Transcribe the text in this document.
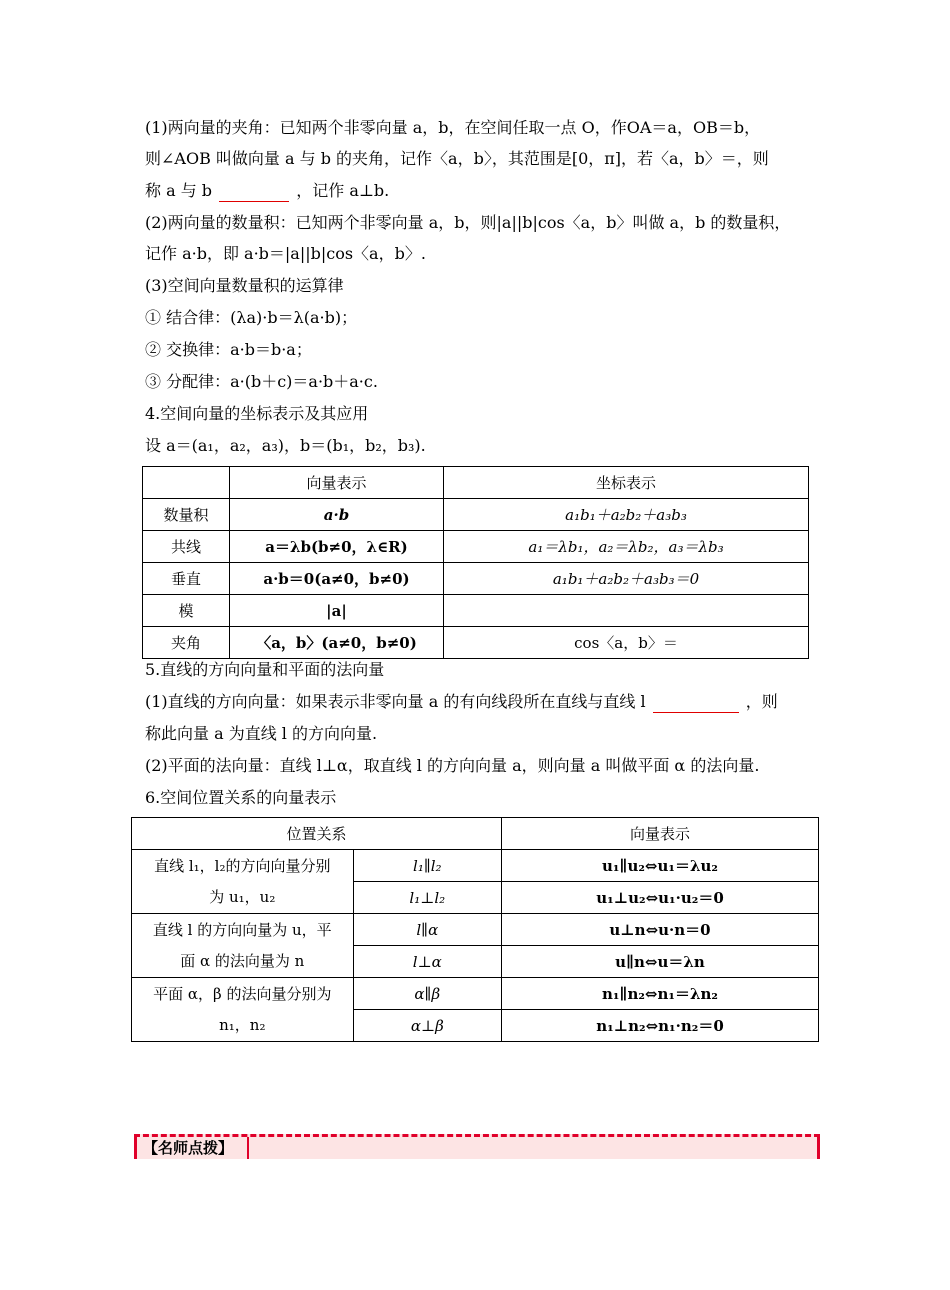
(1)两向量的夹角：已知两个非零向量 a，b，在空间任取一点 O，作OA＝a，OB＝b，
则∠AOB 叫做向量 a 与 b 的夹角，记作〈a，b〉，其范围是[0，π]，若〈a，b〉＝，则
称 a 与 b	，记作 a⊥b.
(2)两向量的数量积：已知两个非零向量 a，b，则|a||b|cos〈a，b〉叫做 a，b 的数量积，
记作 a·b，即 a·b＝|a||b|cos〈a，b〉.
(3)空间向量数量积的运算律
① 结合律：(λa)·b＝λ(a·b)；
② 交换律：a·b＝b·a；
③ 分配律：a·(b＋c)＝a·b＋a·c.
4.空间向量的坐标表示及其应用
设 a＝(a₁，a₂，a₃)，b＝(b₁，b₂，b₃).
	向量表示	坐标表示
数量积	a·b	a₁b₁＋a₂b₂＋a₃b₃
共线	a＝λb(b≠0，λ∈R)	a₁＝λb₁，a₂＝λb₂，a₃＝λb₃
垂直	a·b＝0(a≠0，b≠0)	a₁b₁＋a₂b₂＋a₃b₃＝0
模	|a|	
夹角	〈a，b〉(a≠0，b≠0)	cos〈a，b〉＝
5.直线的方向向量和平面的法向量
(1)直线的方向向量：如果表示非零向量 a 的有向线段所在直线与直线 l	，则
称此向量 a 为直线 l 的方向向量.
(2)平面的法向量：直线 l⊥α，取直线 l 的方向向量 a，则向量 a 叫做平面 α 的法向量.
6.空间位置关系的向量表示
位置关系		向量表示

直线 l₁，l₂的方向向量分别
为 u₁，u₂	l₁∥l₂	u₁∥u₂⇔u₁＝λu₂
	l₁⊥l₂	u₁⊥u₂⇔u₁·u₂＝0

直线 l 的方向向量为 u，平
面 α 的法向量为 n	l∥α	u⊥n⇔u·n＝0
	l⊥α	u∥n⇔u＝λn

平面 α，β 的法向量分别为
n₁，n₂	α∥β	n₁∥n₂⇔n₁＝λn₂
	α⊥β	n₁⊥n₂⇔n₁·n₂＝0
【名师点拨】
